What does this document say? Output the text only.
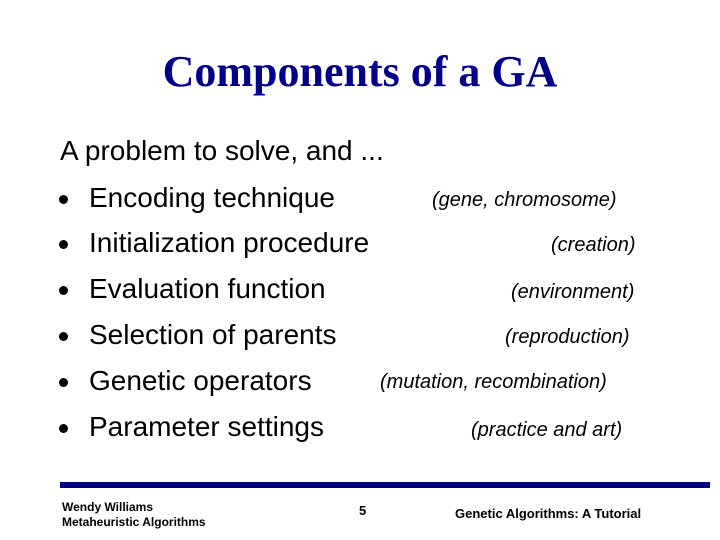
Components of a GA
A problem to solve, and ...
Encoding technique	(gene, chromosome)
Initialization procedure	(creation)
Evaluation function	(environment)
Selection of parents	(reproduction)
Genetic operators	(mutation, recombination)
Parameter settings	(practice and art)
Wendy Williams
Metaheuristic Algorithms
5	Genetic Algorithms: A Tutorial
